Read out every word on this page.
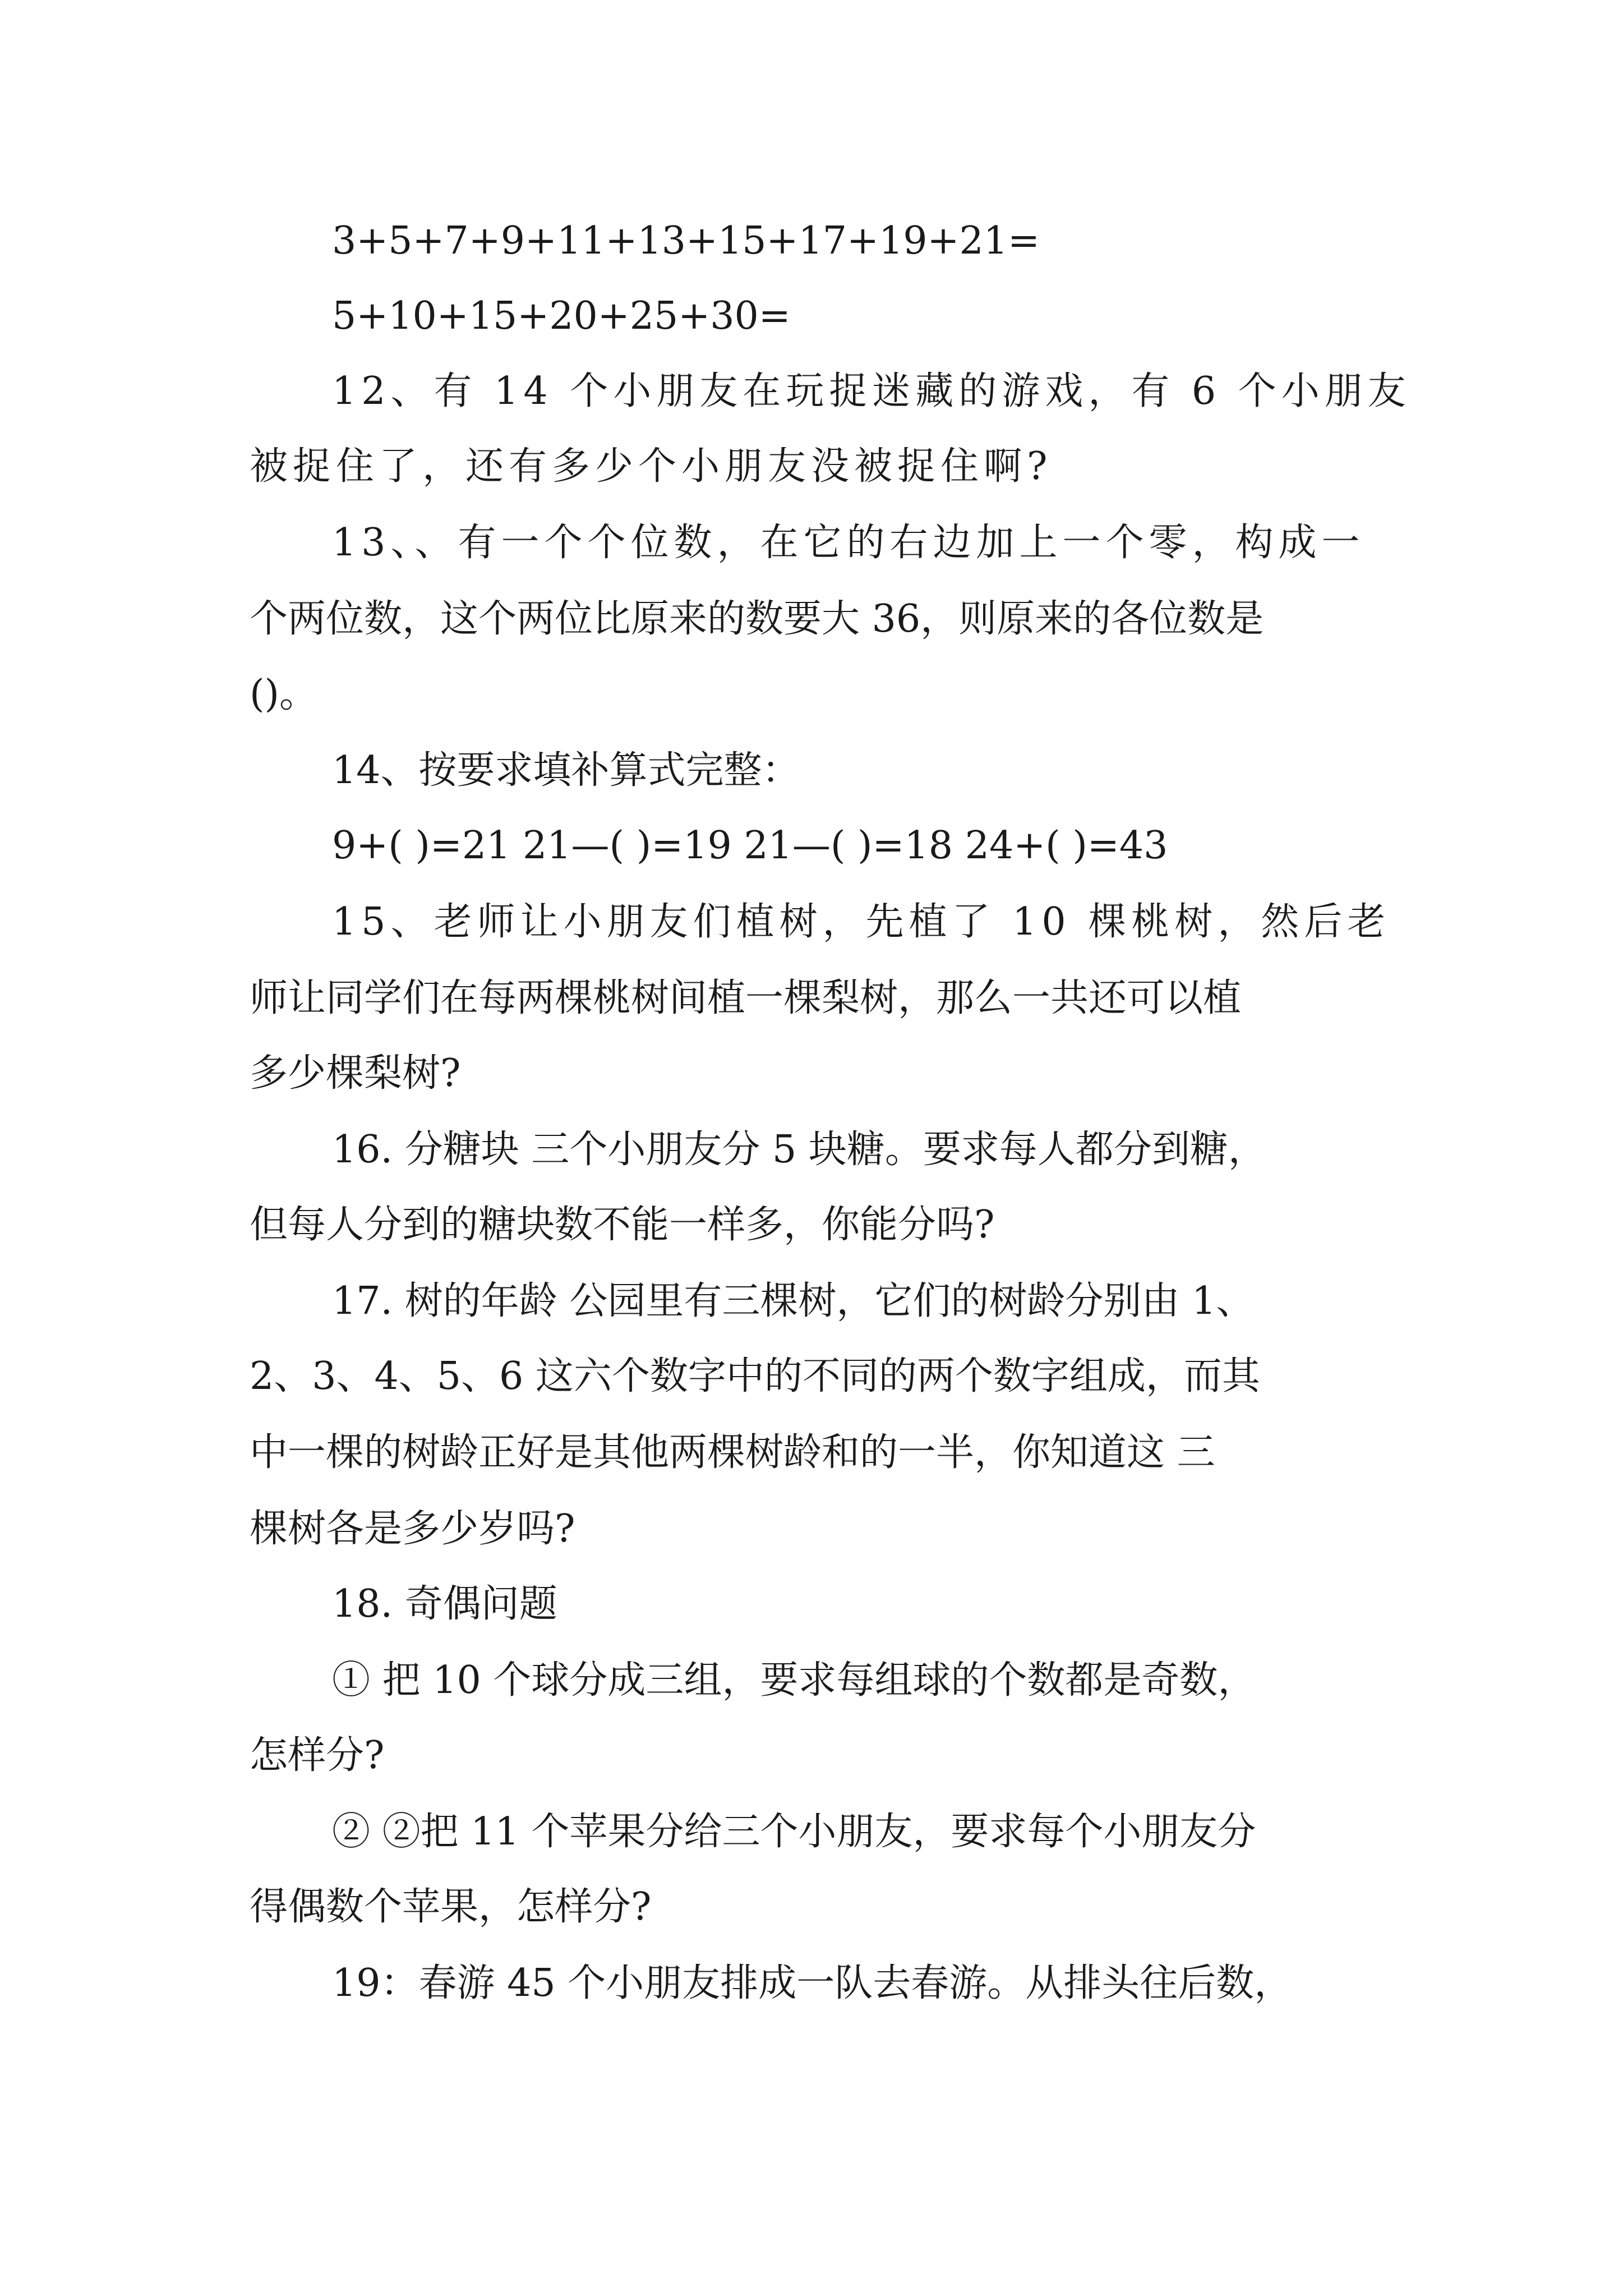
3+5+7+9+11+13+15+17+19+21=
5+10+15+20+25+30=
12、有 14 个小朋友在玩捉迷藏的游戏，有 6 个小朋友
被捉住了，还有多少个小朋友没被捉住啊?
13、、有一个个位数，在它的右边加上一个零，构成一
个两位数，这个两位比原来的数要大 36，则原来的各位数是
()。
14、按要求填补算式完整：
9+( )=21 21—( )=19 21—( )=18 24+( )=43
15、老师让小朋友们植树，先植了 10 棵桃树，然后老
师让同学们在每两棵桃树间植一棵梨树，那么一共还可以植
多少棵梨树?
16. 分糖块 三个小朋友分 5 块糖。要求每人都分到糖，
但每人分到的糖块数不能一样多，你能分吗?
17. 树的年龄 公园里有三棵树，它们的树龄分别由 1、
2、3、4、5、6 这六个数字中的不同的两个数字组成，而其
中一棵的树龄正好是其他两棵树龄和的一半，你知道这 三
棵树各是多少岁吗?
18. 奇偶问题
① 把 10 个球分成三组，要求每组球的个数都是奇数，
怎样分?
② ②把 11 个苹果分给三个小朋友，要求每个小朋友分
得偶数个苹果，怎样分?
19：春游 45 个小朋友排成一队去春游。从排头往后数，
